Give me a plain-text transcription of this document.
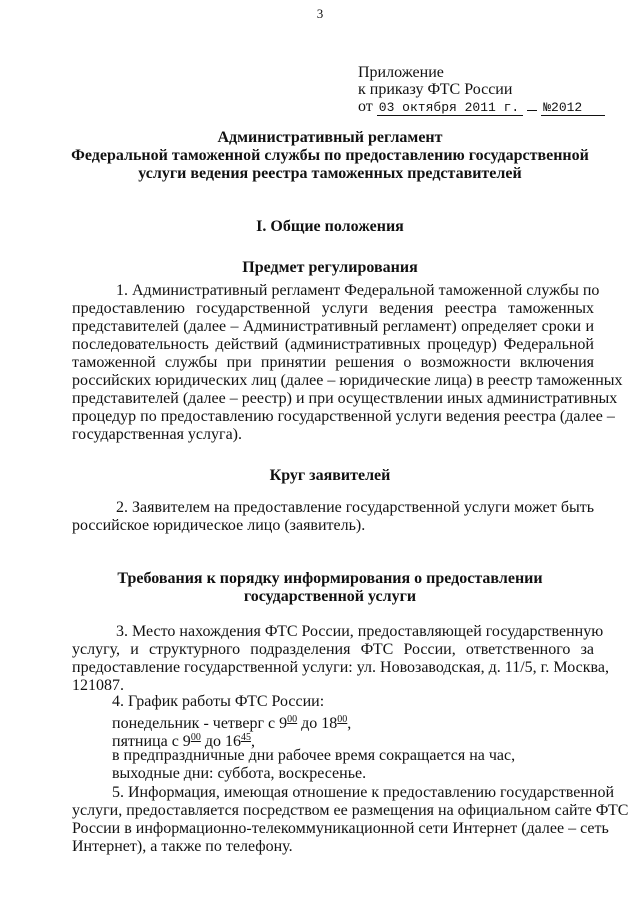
3
Приложение
к приказу ФТС России
от 03 октября 2011 г. №2012
Административный регламент
Федеральной таможенной службы по предоставлению государственной
услуги ведения реестра таможенных представителей
I. Общие положения
Предмет регулирования
1. Административный регламент Федеральной таможенной службы по
предоставлению государственной услуги ведения реестра таможенных
представителей (далее – Административный регламент) определяет сроки и
последовательность действий (административных процедур) Федеральной
таможенной службы при принятии решения о возможности включения
российских юридических лиц (далее – юридические лица) в реестр таможенных
представителей (далее – реестр) и при осуществлении иных административных
процедур по предоставлению государственной услуги ведения реестра (далее –
государственная услуга).
Круг заявителей
2. Заявителем на предоставление государственной услуги может быть
российское юридическое лицо (заявитель).
Требования к порядку информирования о предоставлении
государственной услуги
3. Место нахождения ФТС России, предоставляющей государственную
услугу, и структурного подразделения ФТС России, ответственного за
предоставление государственной услуги: ул. Новозаводская, д. 11/5, г. Москва,
121087.
4. График работы ФТС России:
понедельник - четверг с $9^{00}$ до $18^{00}$,
пятница с $9^{00}$ до $16^{45}$,
в предпраздничные дни рабочее время сокращается на час,
выходные дни: суббота, воскресенье.
5. Информация, имеющая отношение к предоставлению государственной
услуги, предоставляется посредством ее размещения на официальном сайте ФТС
России в информационно-телекоммуникационной сети Интернет (далее – сеть
Интернет), а также по телефону.
